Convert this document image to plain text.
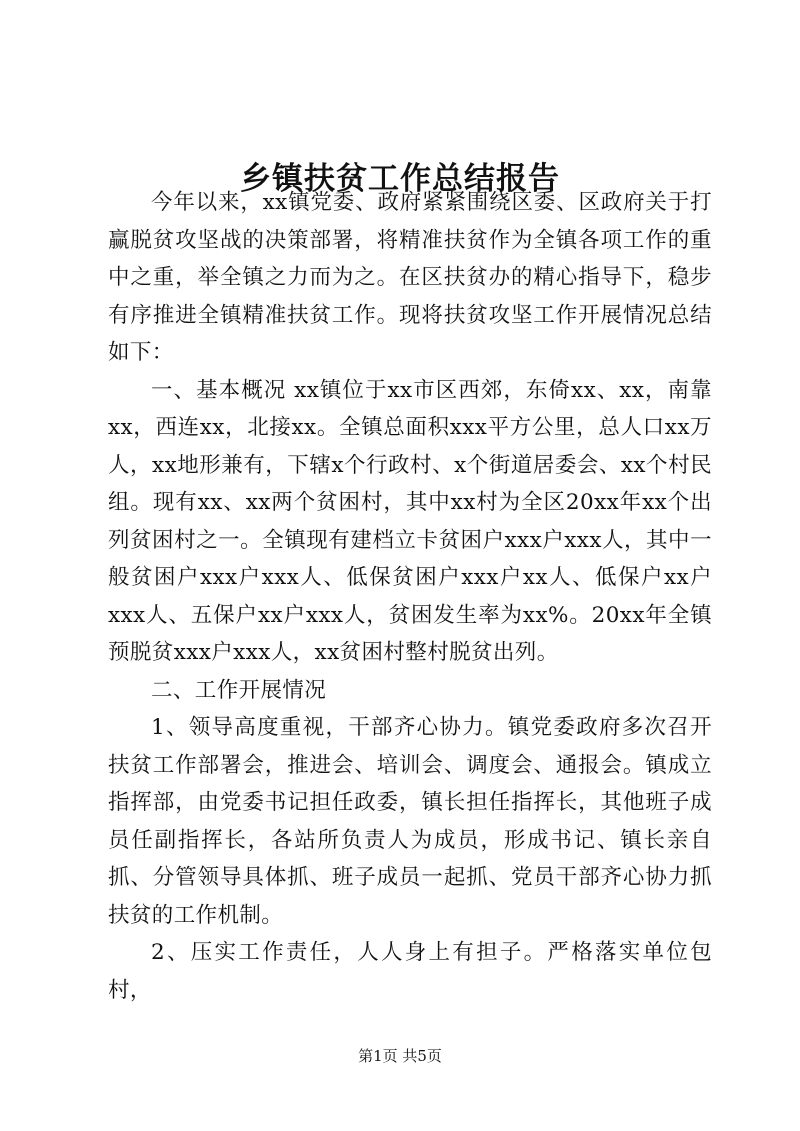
乡镇扶贫工作总结报告

今年以来，xx镇党委、政府紧紧围绕区委、区政府关于打赢脱贫攻坚战的决策部署，将精准扶贫作为全镇各项工作的重中之重，举全镇之力而为之。在区扶贫办的精心指导下，稳步有序推进全镇精准扶贫工作。现将扶贫攻坚工作开展情况总结如下：

一、基本概况 xx镇位于xx市区西郊，东倚xx、xx，南靠xx，西连xx，北接xx。全镇总面积xxx平方公里，总人口xx万人，xx地形兼有，下辖x个行政村、x个街道居委会、xx个村民组。现有xx、xx两个贫困村，其中xx村为全区20xx年xx个出列贫困村之一。全镇现有建档立卡贫困户xxx户xxx人，其中一般贫困户xxx户xxx人、低保贫困户xxx户xx人、低保户xx户xxx人、五保户xx户xxx人，贫困发生率为xx%。20xx年全镇预脱贫xxx户xxx人，xx贫困村整村脱贫出列。

二、工作开展情况

1、领导高度重视，干部齐心协力。镇党委政府多次召开扶贫工作部署会，推进会、培训会、调度会、通报会。镇成立指挥部，由党委书记担任政委，镇长担任指挥长，其他班子成员任副指挥长，各站所负责人为成员，形成书记、镇长亲自抓、分管领导具体抓、班子成员一起抓、党员干部齐心协力抓扶贫的工作机制。

2、压实工作责任，人人身上有担子。严格落实单位包村，

第1页 共5页
